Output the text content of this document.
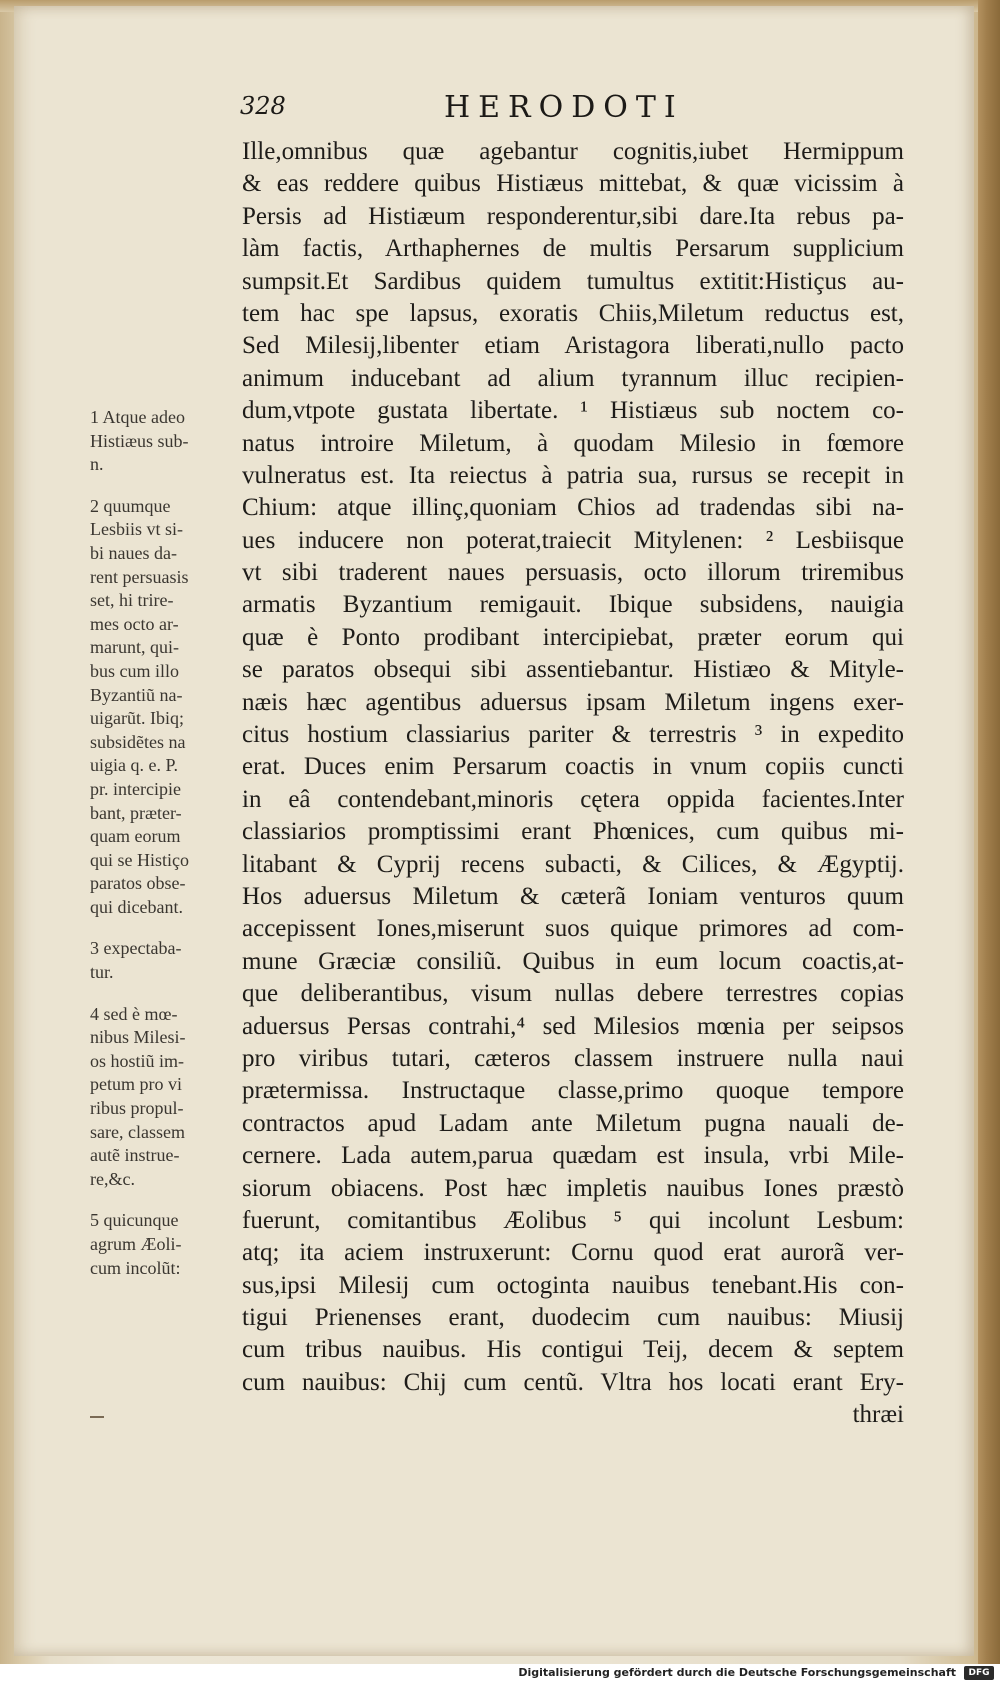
328	HERODOTI
Ille,omnibus quæ agebantur cognitis,iubet Hermippum
& eas reddere quibus Histiæus mittebat, & quæ vicissim à
Persis ad Histiæum responderentur,sibi dare.Ita rebus pa-
làm factis, Arthaphernes de multis Persarum supplicium
sumpsit.Et Sardibus quidem tumultus extitit:Histiçus au-
tem hac spe lapsus, exoratis Chiis,Miletum reductus est,
Sed Milesij,libenter etiam Aristagora liberati,nullo pacto
animum inducebant ad alium tyrannum illuc recipien-
dum,vtpote gustata libertate. ¹ Histiæus sub noctem co-
natus introire Miletum, à quodam Milesio in fœmore
vulneratus est. Ita reiectus à patria sua, rursus se recepit in
Chium: atque illinç,quoniam Chios ad tradendas sibi na-
ues inducere non poterat,traiecit Mitylenen: ² Lesbiisque
vt sibi traderent naues persuasis, octo illorum triremibus
armatis Byzantium remigauit. Ibique subsidens, nauigia
quæ è Ponto prodibant intercipiebat, præter eorum qui
se paratos obsequi sibi assentiebantur. Histiæo & Mityle-
næis hæc agentibus aduersus ipsam Miletum ingens exer-
citus hostium classiarius pariter & terrestris ³ in expedito
erat. Duces enim Persarum coactis in vnum copiis cuncti
in eâ contendebant,minoris cętera oppida facientes.Inter
classiarios promptissimi erant Phœnices, cum quibus mi-
litabant & Cyprij recens subacti, & Cilices, & Ægyptij.
Hos aduersus Miletum & cæterã Ioniam venturos quum
accepissent Iones,miserunt suos quique primores ad com-
mune Græciæ consiliũ. Quibus in eum locum coactis,at-
que deliberantibus, visum nullas debere terrestres copias
aduersus Persas contrahi,⁴ sed Milesios mœnia per seipsos
pro viribus tutari, cæteros classem instruere nulla naui
prætermissa. Instructaque classe,primo quoque tempore
contractos apud Ladam ante Miletum pugna nauali de-
cernere. Lada autem,parua quædam est insula, vrbi Mile-
siorum obiacens. Post hæc impletis nauibus Iones præstò
fuerunt, comitantibus Æolibus ⁵ qui incolunt Lesbum:
atq; ita aciem instruxerunt: Cornu quod erat aurorã ver-
sus,ipsi Milesij cum octoginta nauibus tenebant.His con-
tigui Prienenses erant, duodecim cum nauibus: Miusij
cum tribus nauibus. His contigui Teij, decem & septem
cum nauibus: Chij cum centũ. Vltra hos locati erant Ery-
thræi
1 Atque adeo
Histiæus sub-
n.
2 quumque
Lesbiis vt si-
bi naues da-
rent persuasis
set, hi trire-
mes octo ar-
marunt, qui-
bus cum illo
Byzantiũ na-
uigarũt. Ibiq;
subsidẽtes na
uigia q. e. P.
pr. intercipie
bant, præter-
quam eorum
qui se Histiço
paratos obse-
qui dicebant.
3 expectaba-
tur.
4 sed è mœ-
nibus Milesi-
os hostiũ im-
petum pro vi
ribus propul-
sare, classem
autẽ instrue-
re,&c.
5 quicunque
agrum Æoli-
cum incolũt:
Digitalisierung gefördert durch die Deutsche Forschungsgemeinschaft	DFG
